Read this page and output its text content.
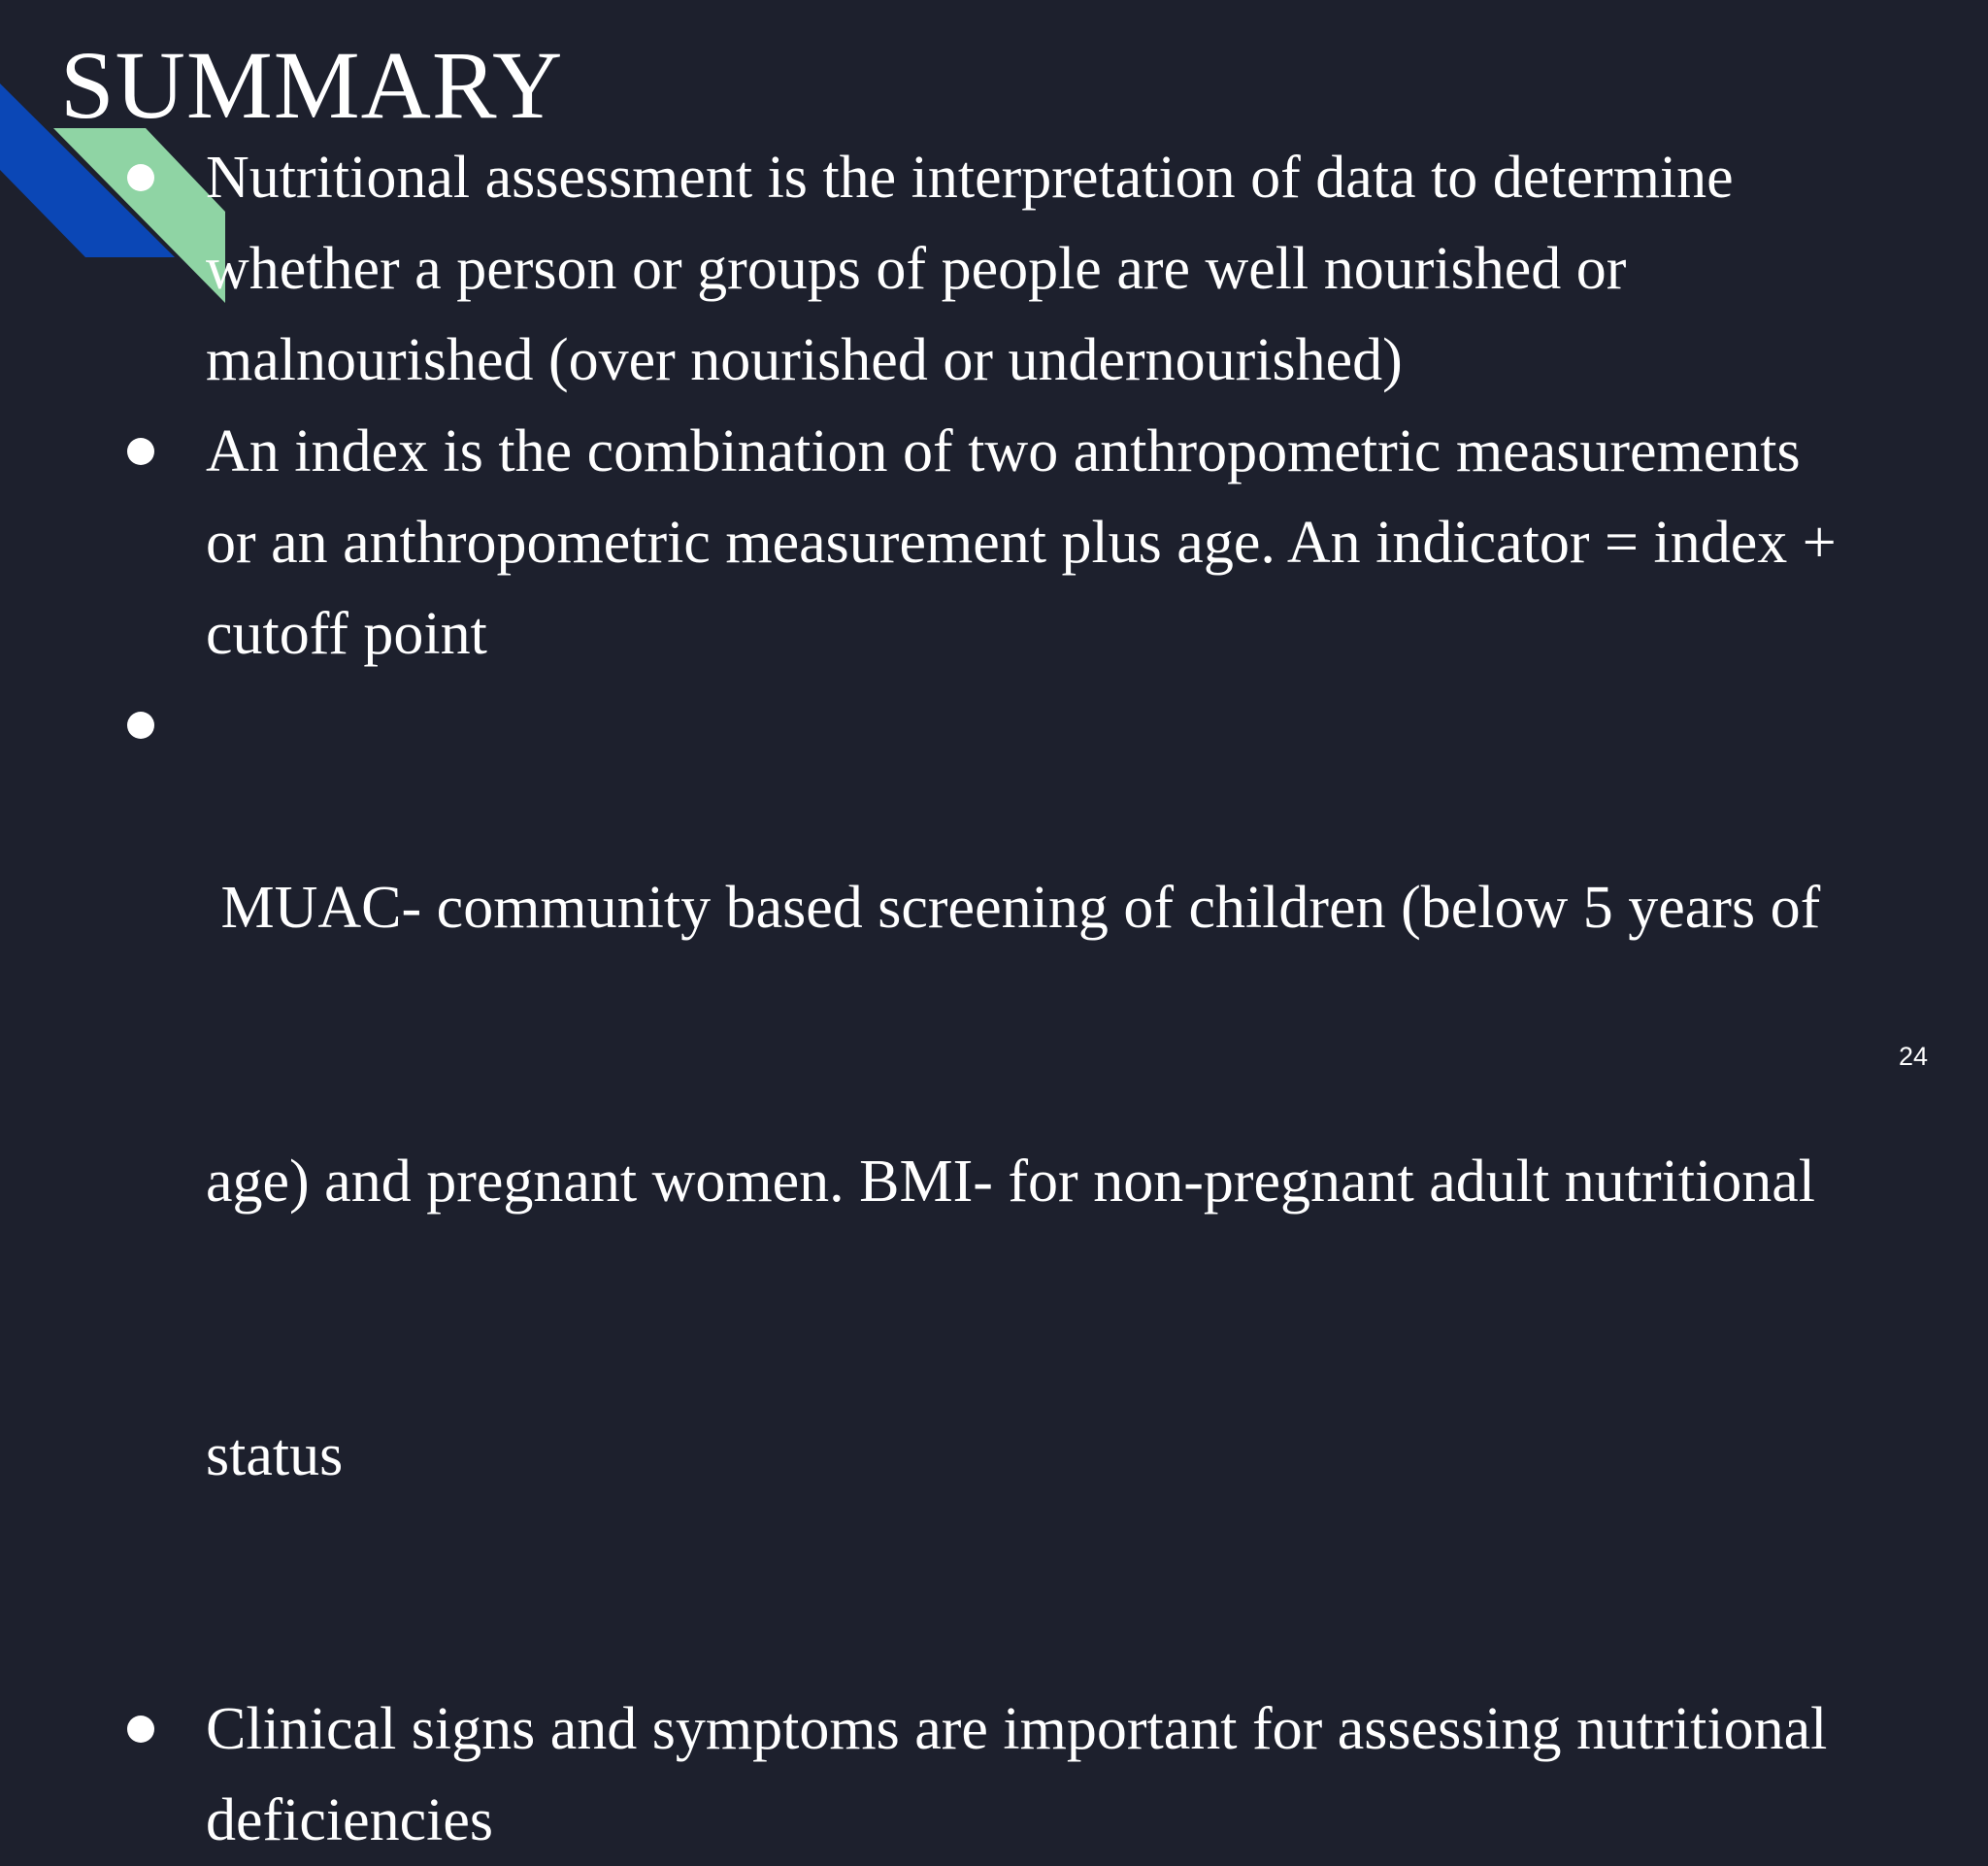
SUMMARY
Nutritional assessment is the interpretation of data to determine
whether a person or groups of people are well nourished or
malnourished (over nourished or undernourished)
An index is the combination of two anthropometric measurements
or an anthropometric measurement plus age. An indicator = index +
cutoff point

MUAC- community based screening of children (below 5 years of

age) and pregnant women. BMI- for non-pregnant adult nutritional

status

Clinical signs and symptoms are important for assessing nutritional
deficiencies
24
